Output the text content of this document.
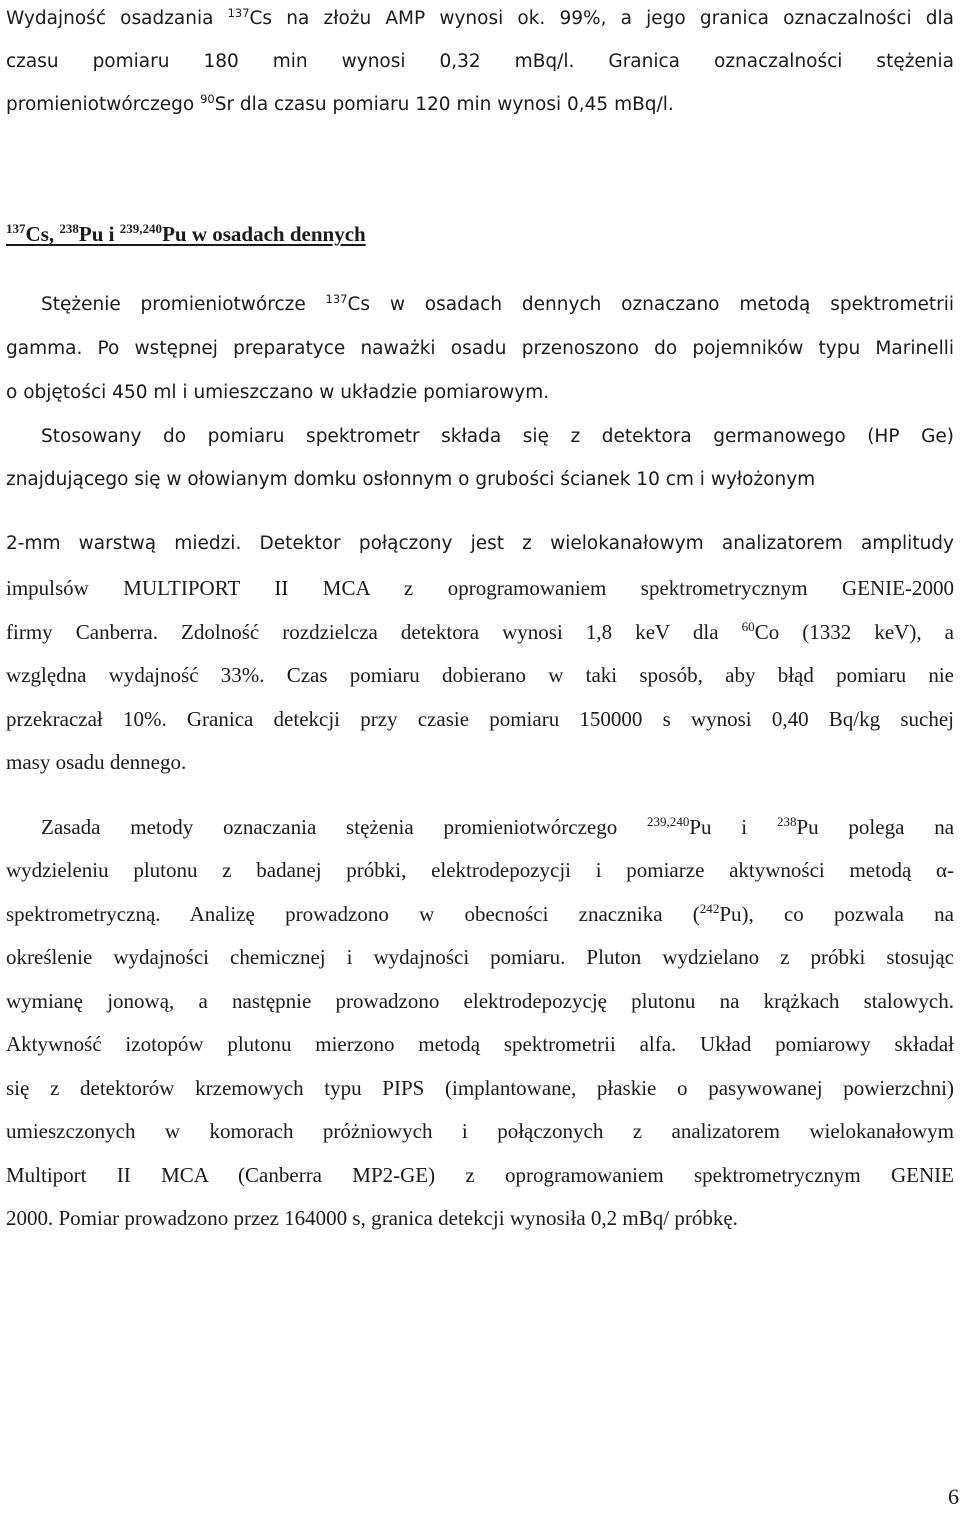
Wydajność osadzania $^{137}$Cs na złożu AMP wynosi ok. 99%, a jego granica oznaczalności dla
czasu pomiaru 180 min wynosi 0,32 mBq/l. Granica oznaczalności stężenia
promieniotwórczego $^{90}$Sr dla czasu pomiaru 120 min wynosi 0,45 mBq/l.
$^{137}$Cs, $^{238}$Pu i $^{239,240}$Pu w osadach dennych
Stężenie promieniotwórcze $^{137}$Cs w osadach dennych oznaczano metodą spektrometrii
gamma. Po wstępnej preparatyce naważki osadu przenoszono do pojemników typu Marinelli
o objętości 450 ml i umieszczano w układzie pomiarowym.
Stosowany do pomiaru spektrometr składa się z detektora germanowego (HP Ge)
znajdującego się w ołowianym domku osłonnym o grubości ścianek 10 cm i wyłożonym
2-mm warstwą miedzi. Detektor połączony jest z wielokanałowym analizatorem amplitudy
impulsów MULTIPORT II MCA z oprogramowaniem spektrometrycznym GENIE-2000
firmy Canberra. Zdolność rozdzielcza detektora wynosi 1,8 keV dla $^{60}$Co (1332 keV), a
względna wydajność 33%. Czas pomiaru dobierano w taki sposób, aby błąd pomiaru nie
przekraczał 10%. Granica detekcji przy czasie pomiaru 150000 s wynosi 0,40 Bq/kg suchej
masy osadu dennego.
Zasada metody oznaczania stężenia promieniotwórczego $^{239,240}$Pu i $^{238}$Pu polega na
wydzieleniu plutonu z badanej próbki, elektrodepozycji i pomiarze aktywności metodą α-
spektrometryczną. Analizę prowadzono w obecności znacznika ($^{242}$Pu), co pozwala na
określenie wydajności chemicznej i wydajności pomiaru. Pluton wydzielano z próbki stosując
wymianę jonową, a następnie prowadzono elektrodepozycję plutonu na krążkach stalowych.
Aktywność izotopów plutonu mierzono metodą spektrometrii alfa. Układ pomiarowy składał
się z detektorów krzemowych typu PIPS (implantowane, płaskie o pasywowanej powierzchni)
umieszczonych w komorach próżniowych i połączonych z analizatorem wielokanałowym
Multiport II MCA (Canberra MP2-GE) z oprogramowaniem spektrometrycznym GENIE
2000. Pomiar prowadzono przez 164000 s, granica detekcji wynosiła 0,2 mBq/ próbkę.
6
